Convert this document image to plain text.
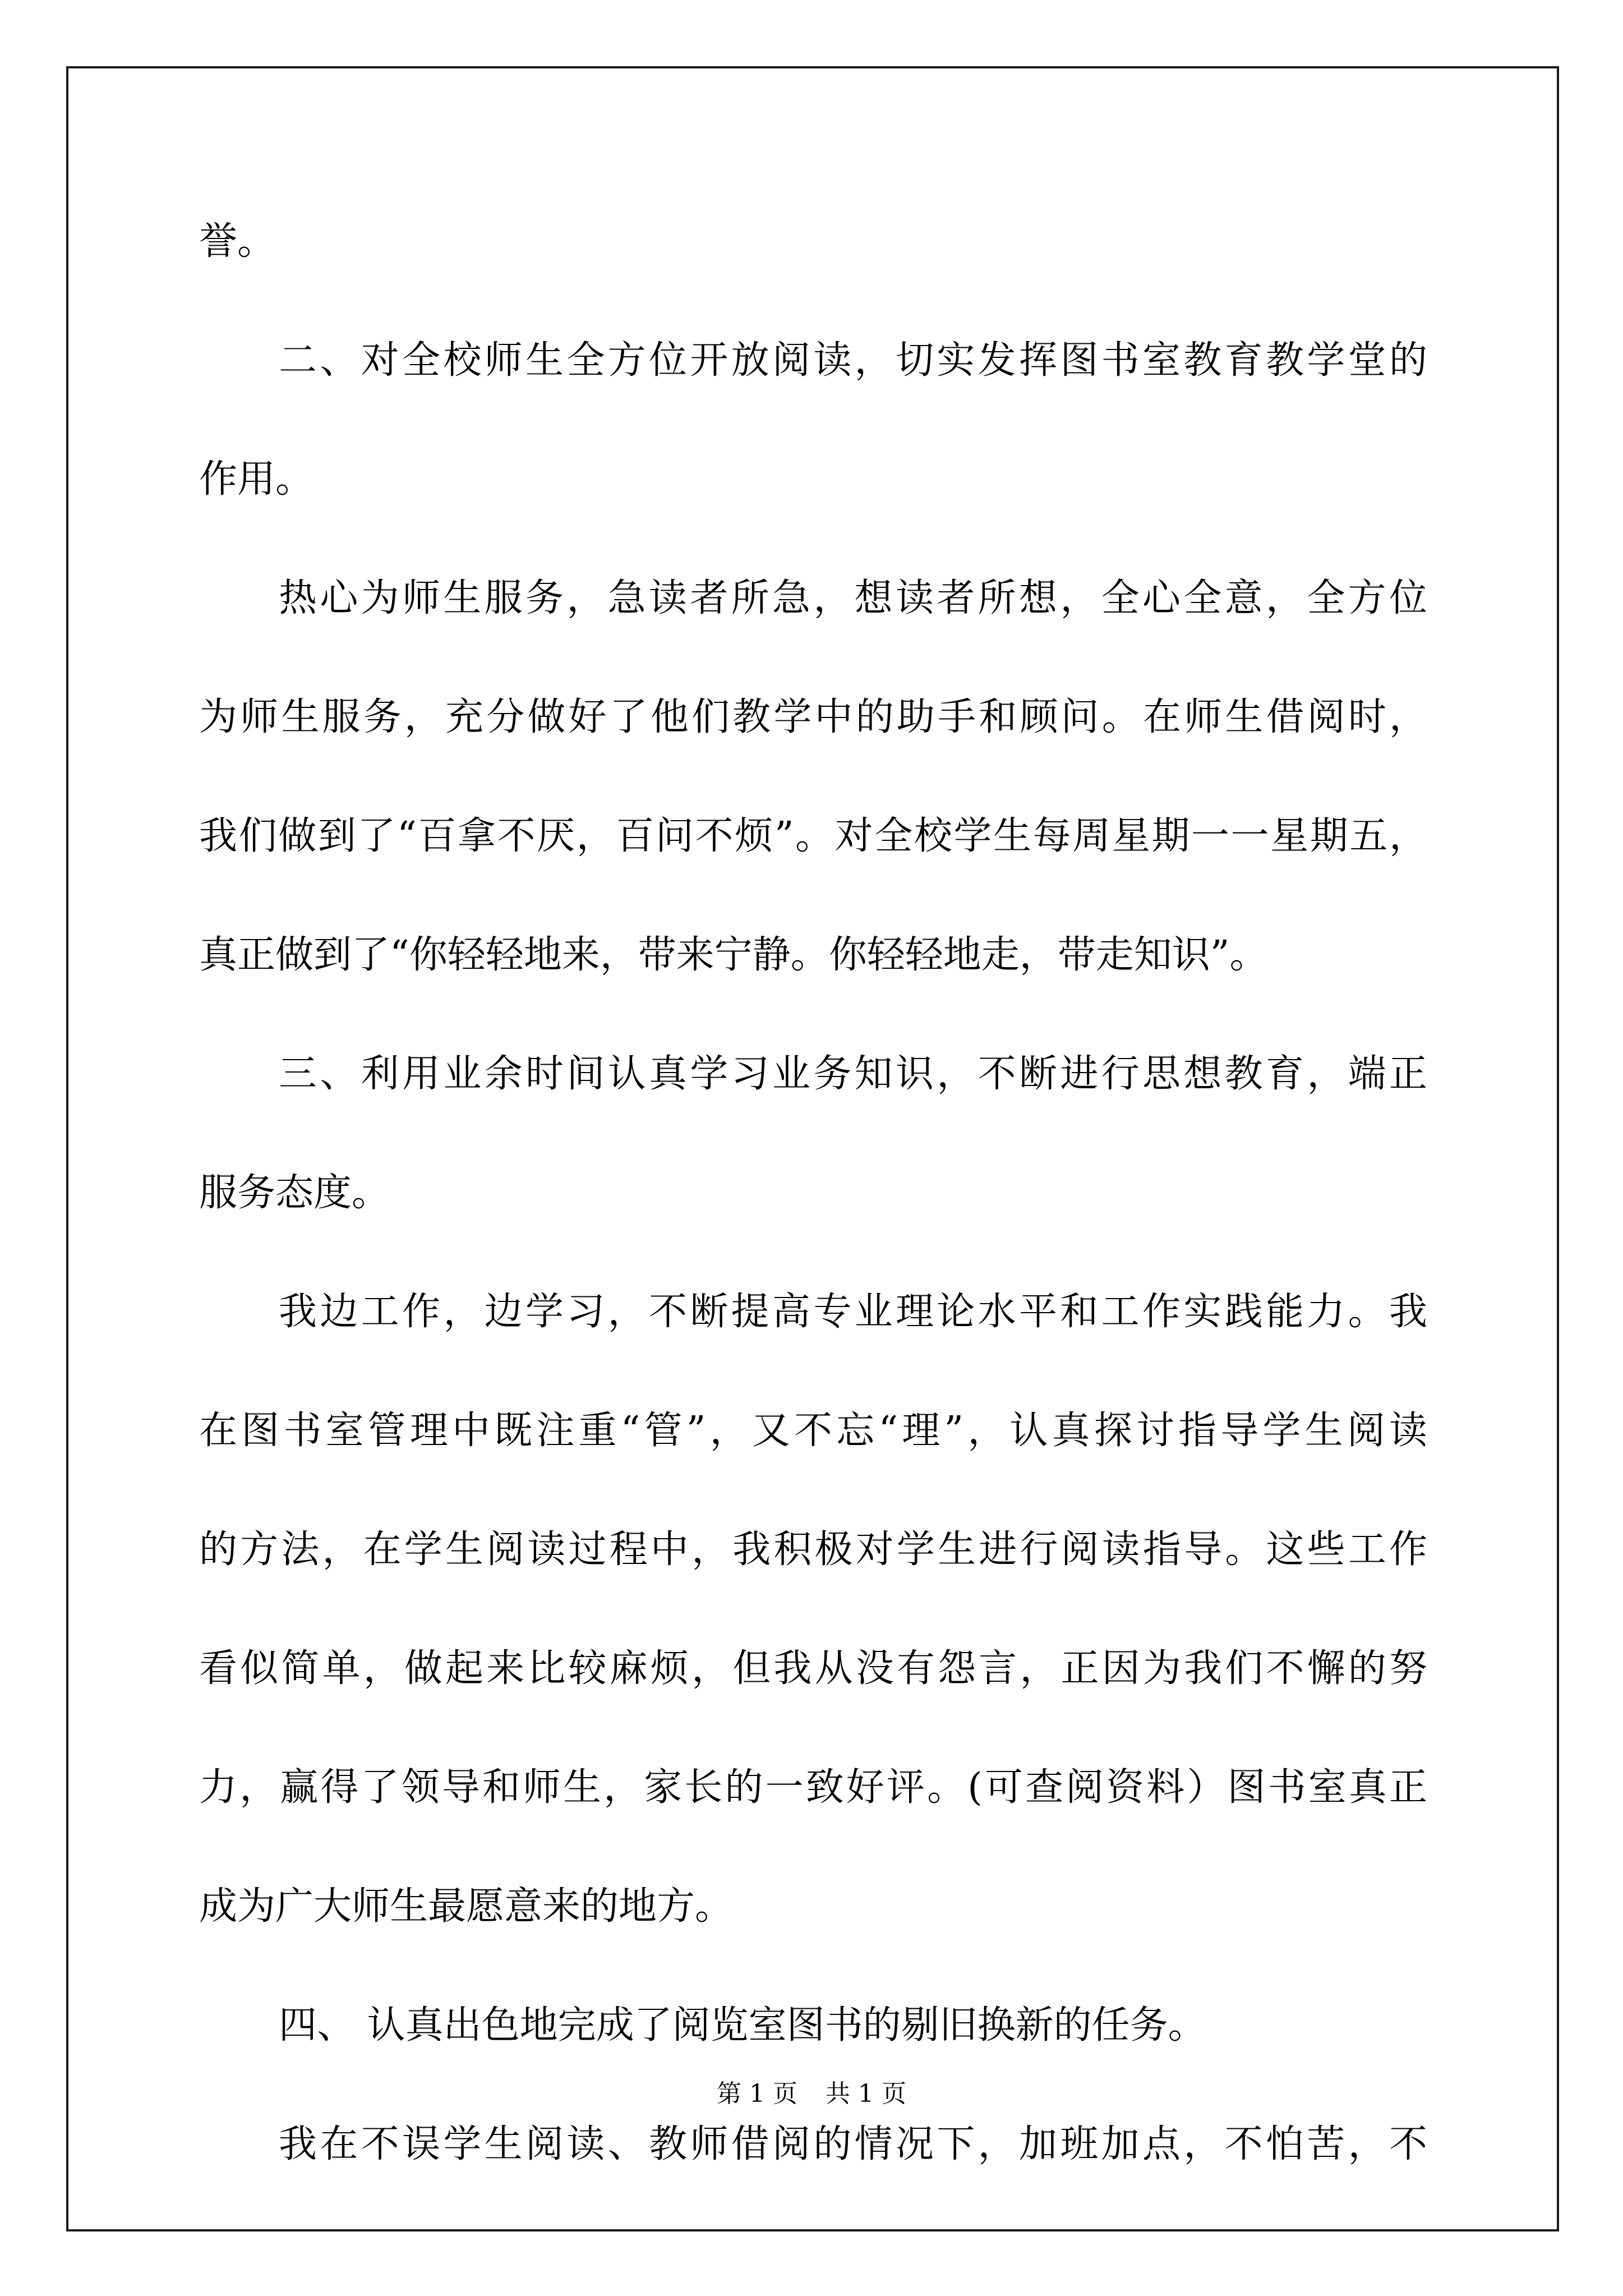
誉。
二、对全校师生全方位开放阅读，切实发挥图书室教育教学堂的
作用。
热心为师生服务，急读者所急，想读者所想，全心全意，全方位
为师生服务，充分做好了他们教学中的助手和顾问。在师生借阅时，
我们做到了“百拿不厌，百问不烦”。对全校学生每周星期一一星期五，
真正做到了“你轻轻地来，带来宁静。你轻轻地走，带走知识”。
三、利用业余时间认真学习业务知识，不断进行思想教育，端正
服务态度。
我边工作，边学习，不断提高专业理论水平和工作实践能力。我
在图书室管理中既注重“管”，又不忘“理”，认真探讨指导学生阅读
的方法，在学生阅读过程中，我积极对学生进行阅读指导。这些工作
看似简单，做起来比较麻烦，但我从没有怨言，正因为我们不懈的努
力，赢得了领导和师生，家长的一致好评。(可查阅资料）图书室真正
成为广大师生最愿意来的地方。
四、 认真出色地完成了阅览室图书的剔旧换新的任务。
我在不误学生阅读、教师借阅的情况下，加班加点，不怕苦，不
第 1 页 共 1 页
